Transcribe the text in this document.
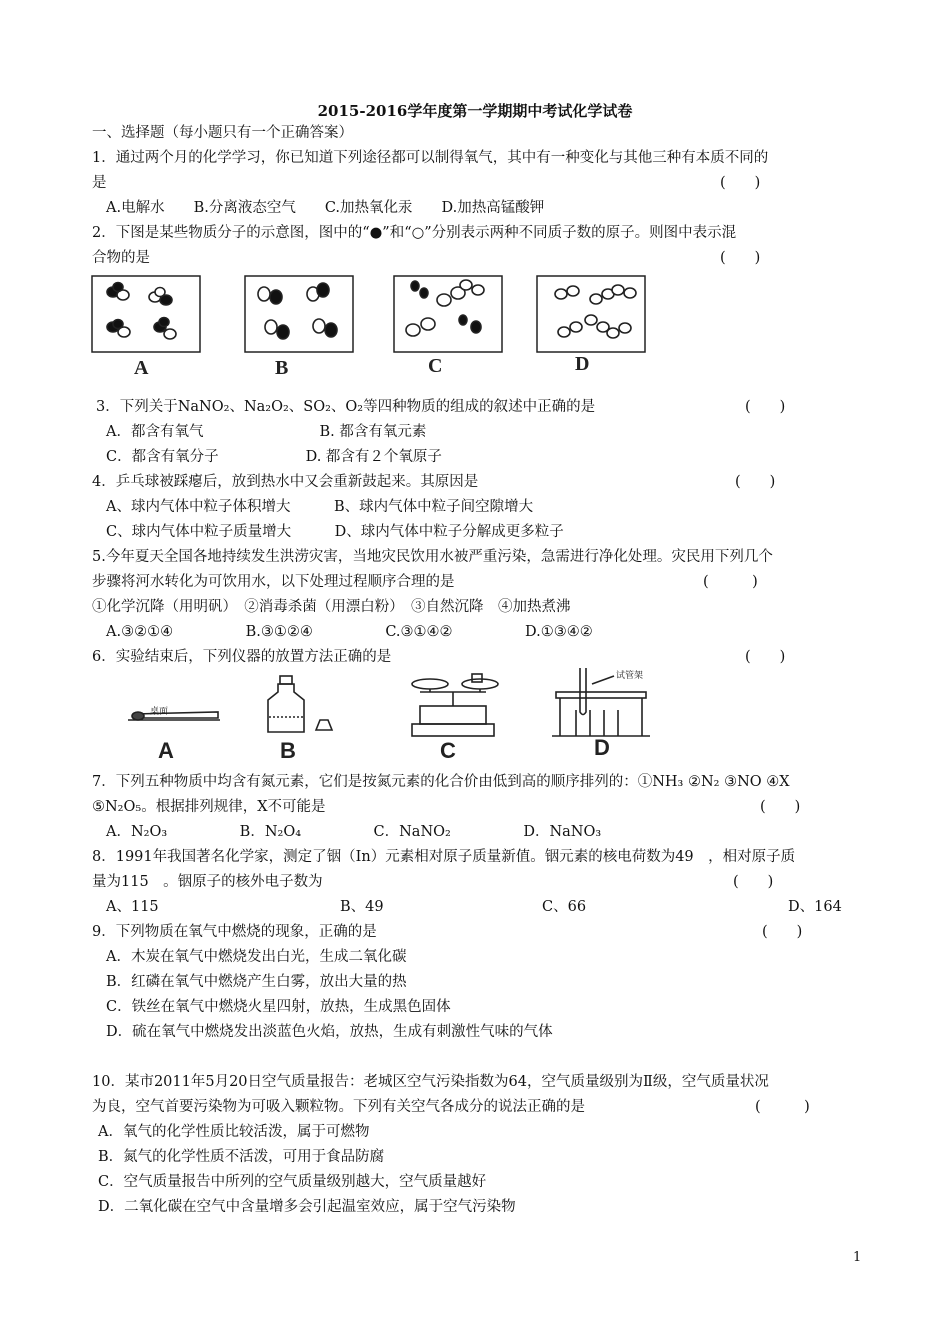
2015-2016学年度第一学期期中考试化学试卷
一、选择题（每小题只有一个正确答案）
1．通过两个月的化学学习，你已知道下列途径都可以制得氧气，其中有一种变化与其他三种有本质不同的
是	(　　)
A.电解水　　B.分离液态空气　　C.加热氧化汞　　D.加热高锰酸钾
2．下图是某些物质分子的示意图，图中的“●”和“○”分别表示两种不同质子数的原子。则图中表示混
合物的是	(　　)
A	B	C	D
3．下列关于NaNO₂、Na₂O₂、SO₂、O₂等四种物质的组成的叙述中正确的是	(　　)
A．都含有氧气　　　　　　　　B. 都含有氧元素
C．都含有氧分子　　　　　　D. 都含有２个氧原子
4．乒乓球被踩瘪后，放到热水中又会重新鼓起来。其原因是	(　　)
A、球内气体中粒子体积增大　　　B、球内气体中粒子间空隙增大
C、球内气体中粒子质量增大　　　D、球内气体中粒子分解成更多粒子
5.今年夏天全国各地持续发生洪涝灾害，当地灾民饮用水被严重污染，急需进行净化处理。灾民用下列几个
步骤将河水转化为可饮用水，以下处理过程顺序合理的是	(　　　)
①化学沉降（用明矾）　②消毒杀菌（用漂白粉）　③自然沉降　④加热煮沸
A.③②①④　　　　　B.③①②④　　　　　C.③①④②　　　　　D.①③④②
6．实验结束后，下列仪器的放置方法正确的是	(　　)
桌面
试管架
A	B	C	D
7．下列五种物质中均含有氮元素，它们是按氮元素的化合价由低到高的顺序排列的：①NH₃ ②N₂ ③NO ④X
⑤N₂O₅。根据排列规律，X不可能是	(　　)
A．N₂O₃　　　　　B．N₂O₄　　　　　C．NaNO₂　　　　　D．NaNO₃
8．1991年我国著名化学家，测定了铟（In）元素相对原子质量新值。铟元素的核电荷数为49　，相对原子质
量为115　。铟原子的核外电子数为	(　　)
A、115	B、49	C、66	D、164
9．下列物质在氧气中燃烧的现象，正确的是	(　　)
A．木炭在氧气中燃烧发出白光，生成二氧化碳
B．红磷在氧气中燃烧产生白雾，放出大量的热
C．铁丝在氧气中燃烧火星四射，放热，生成黑色固体
D．硫在氧气中燃烧发出淡蓝色火焰，放热，生成有刺激性气味的气体
10．某市2011年5月20日空气质量报告：老城区空气污染指数为64，空气质量级别为Ⅱ级，空气质量状况
为良，空气首要污染物为可吸入颗粒物。下列有关空气各成分的说法正确的是	(　　　)
A．氧气的化学性质比较活泼，属于可燃物
B．氮气的化学性质不活泼，可用于食品防腐
C．空气质量报告中所列的空气质量级别越大，空气质量越好
D．二氧化碳在空气中含量增多会引起温室效应，属于空气污染物
1
